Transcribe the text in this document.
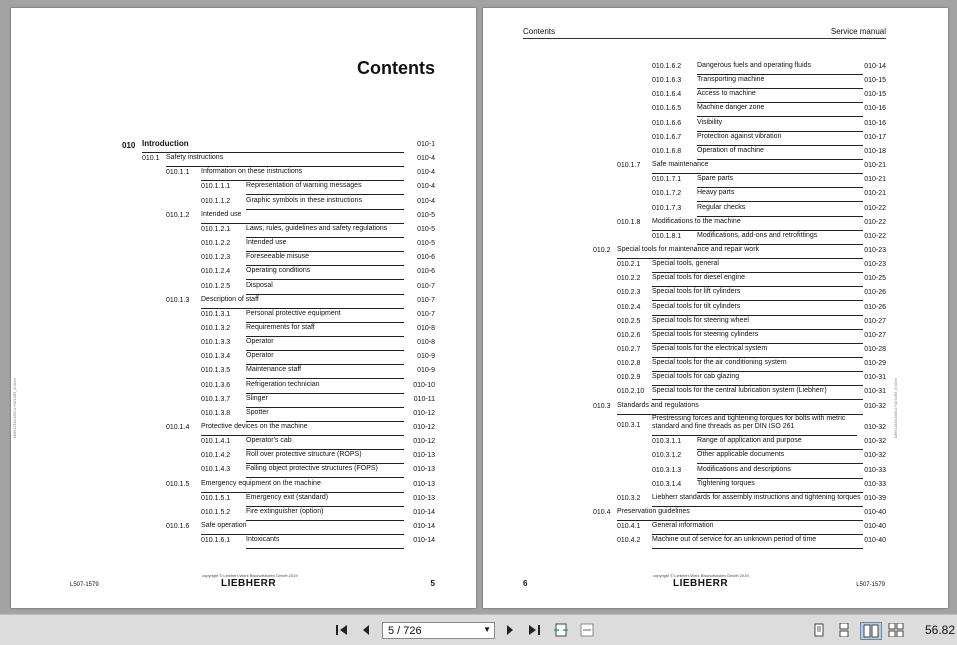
Contents
LWH/12344/4/06/11+02/10/83_0/10/en
010 Introduction	010-1
010.1 Safety instructions	010-4
010.1.1 Information on these instructions	010-4
010.1.1.1 Representation of warning messages	010-4
010.1.1.2 Graphic symbols in these instructions	010-4
010.1.2 Intended use	010-5
010.1.2.1 Laws, rules, guidelines and safety regulations	010-5
010.1.2.2 Intended use	010-5
010.1.2.3 Foreseeable misuse	010-6
010.1.2.4 Operating conditions	010-6
010.1.2.5 Disposal	010-7
010.1.3 Description of staff	010-7
010.1.3.1 Personal protective equipment	010-7
010.1.3.2 Requirements for staff	010-8
010.1.3.3 Operator	010-8
010.1.3.4 Operator	010-9
010.1.3.5 Maintenance staff	010-9
010.1.3.6 Refrigeration technician	010-10
010.1.3.7 Slinger	010-11
010.1.3.8 Spotter	010-12
010.1.4 Protective devices on the machine	010-12
010.1.4.1 Operator's cab	010-12
010.1.4.2 Roll over protective structure (ROPS)	010-13
010.1.4.3 Falling object protective structures (FOPS)	010-13
010.1.5 Emergency equipment on the machine	010-13
010.1.5.1 Emergency exit (standard)	010-13
010.1.5.2 Fire extinguisher (option)	010-14
010.1.6 Safe operation	010-14
010.1.6.1 Intoxicants	010-14
L507-1579
copyright © Liebherr-Werk Bischofshofen GmbH 2019
LIEBHERR	5
Contents	Service manual
LWH/12344/4/06/11+02/10/83_0/10/en
010.1.6.2 Dangerous fuels and operating fluids	010-14
010.1.6.3 Transporting machine	010-15
010.1.6.4 Access to machine	010-15
010.1.6.5 Machine danger zone	010-16
010.1.6.6 Visibility	010-16
010.1.6.7 Protection against vibration	010-17
010.1.6.8 Operation of machine	010-18
010.1.7 Safe maintenance	010-21
010.1.7.1 Spare parts	010-21
010.1.7.2 Heavy parts	010-21
010.1.7.3 Regular checks	010-22
010.1.8 Modifications to the machine	010-22
010.1.8.1 Modifications, add-ons and retrofittings	010-22
010.2 Special tools for maintenance and repair work	010-23
010.2.1 Special tools, general	010-23
010.2.2 Special tools for diesel engine	010-25
010.2.3 Special tools for lift cylinders	010-26
010.2.4 Special tools for tilt cylinders	010-26
010.2.5 Special tools for steering wheel	010-27
010.2.6 Special tools for steering cylinders	010-27
010.2.7 Special tools for the electrical system	010-28
010.2.8 Special tools for the air conditioning system	010-29
010.2.9 Special tools for cab glazing	010-31
010.2.10 Special tools for the central lubrication system (Liebherr)	010-31
010.3 Standards and regulations	010-32
010.3.1
Prestressing forces and tightening torques for bolts with metric standard and fine threads as per DIN ISO 261	010-32
010.3.1.1 Range of application and purpose	010-32
010.3.1.2 Other applicable documents	010-32
010.3.1.3 Modifications and descriptions	010-33
010.3.1.4 Tightening torques	010-33
010.3.2 Liebherr standards for assembly instructions and tightening torques 010-39
010.4 Preservation guidelines	010-40
010.4.1 General information	010-40
010.4.2 Machine out of service for an unknown period of time	010-40
6
copyright © Liebherr-Werk Bischofshofen GmbH 2019
LIEBHERR	L507-1579
5 / 726	▼	56.82
